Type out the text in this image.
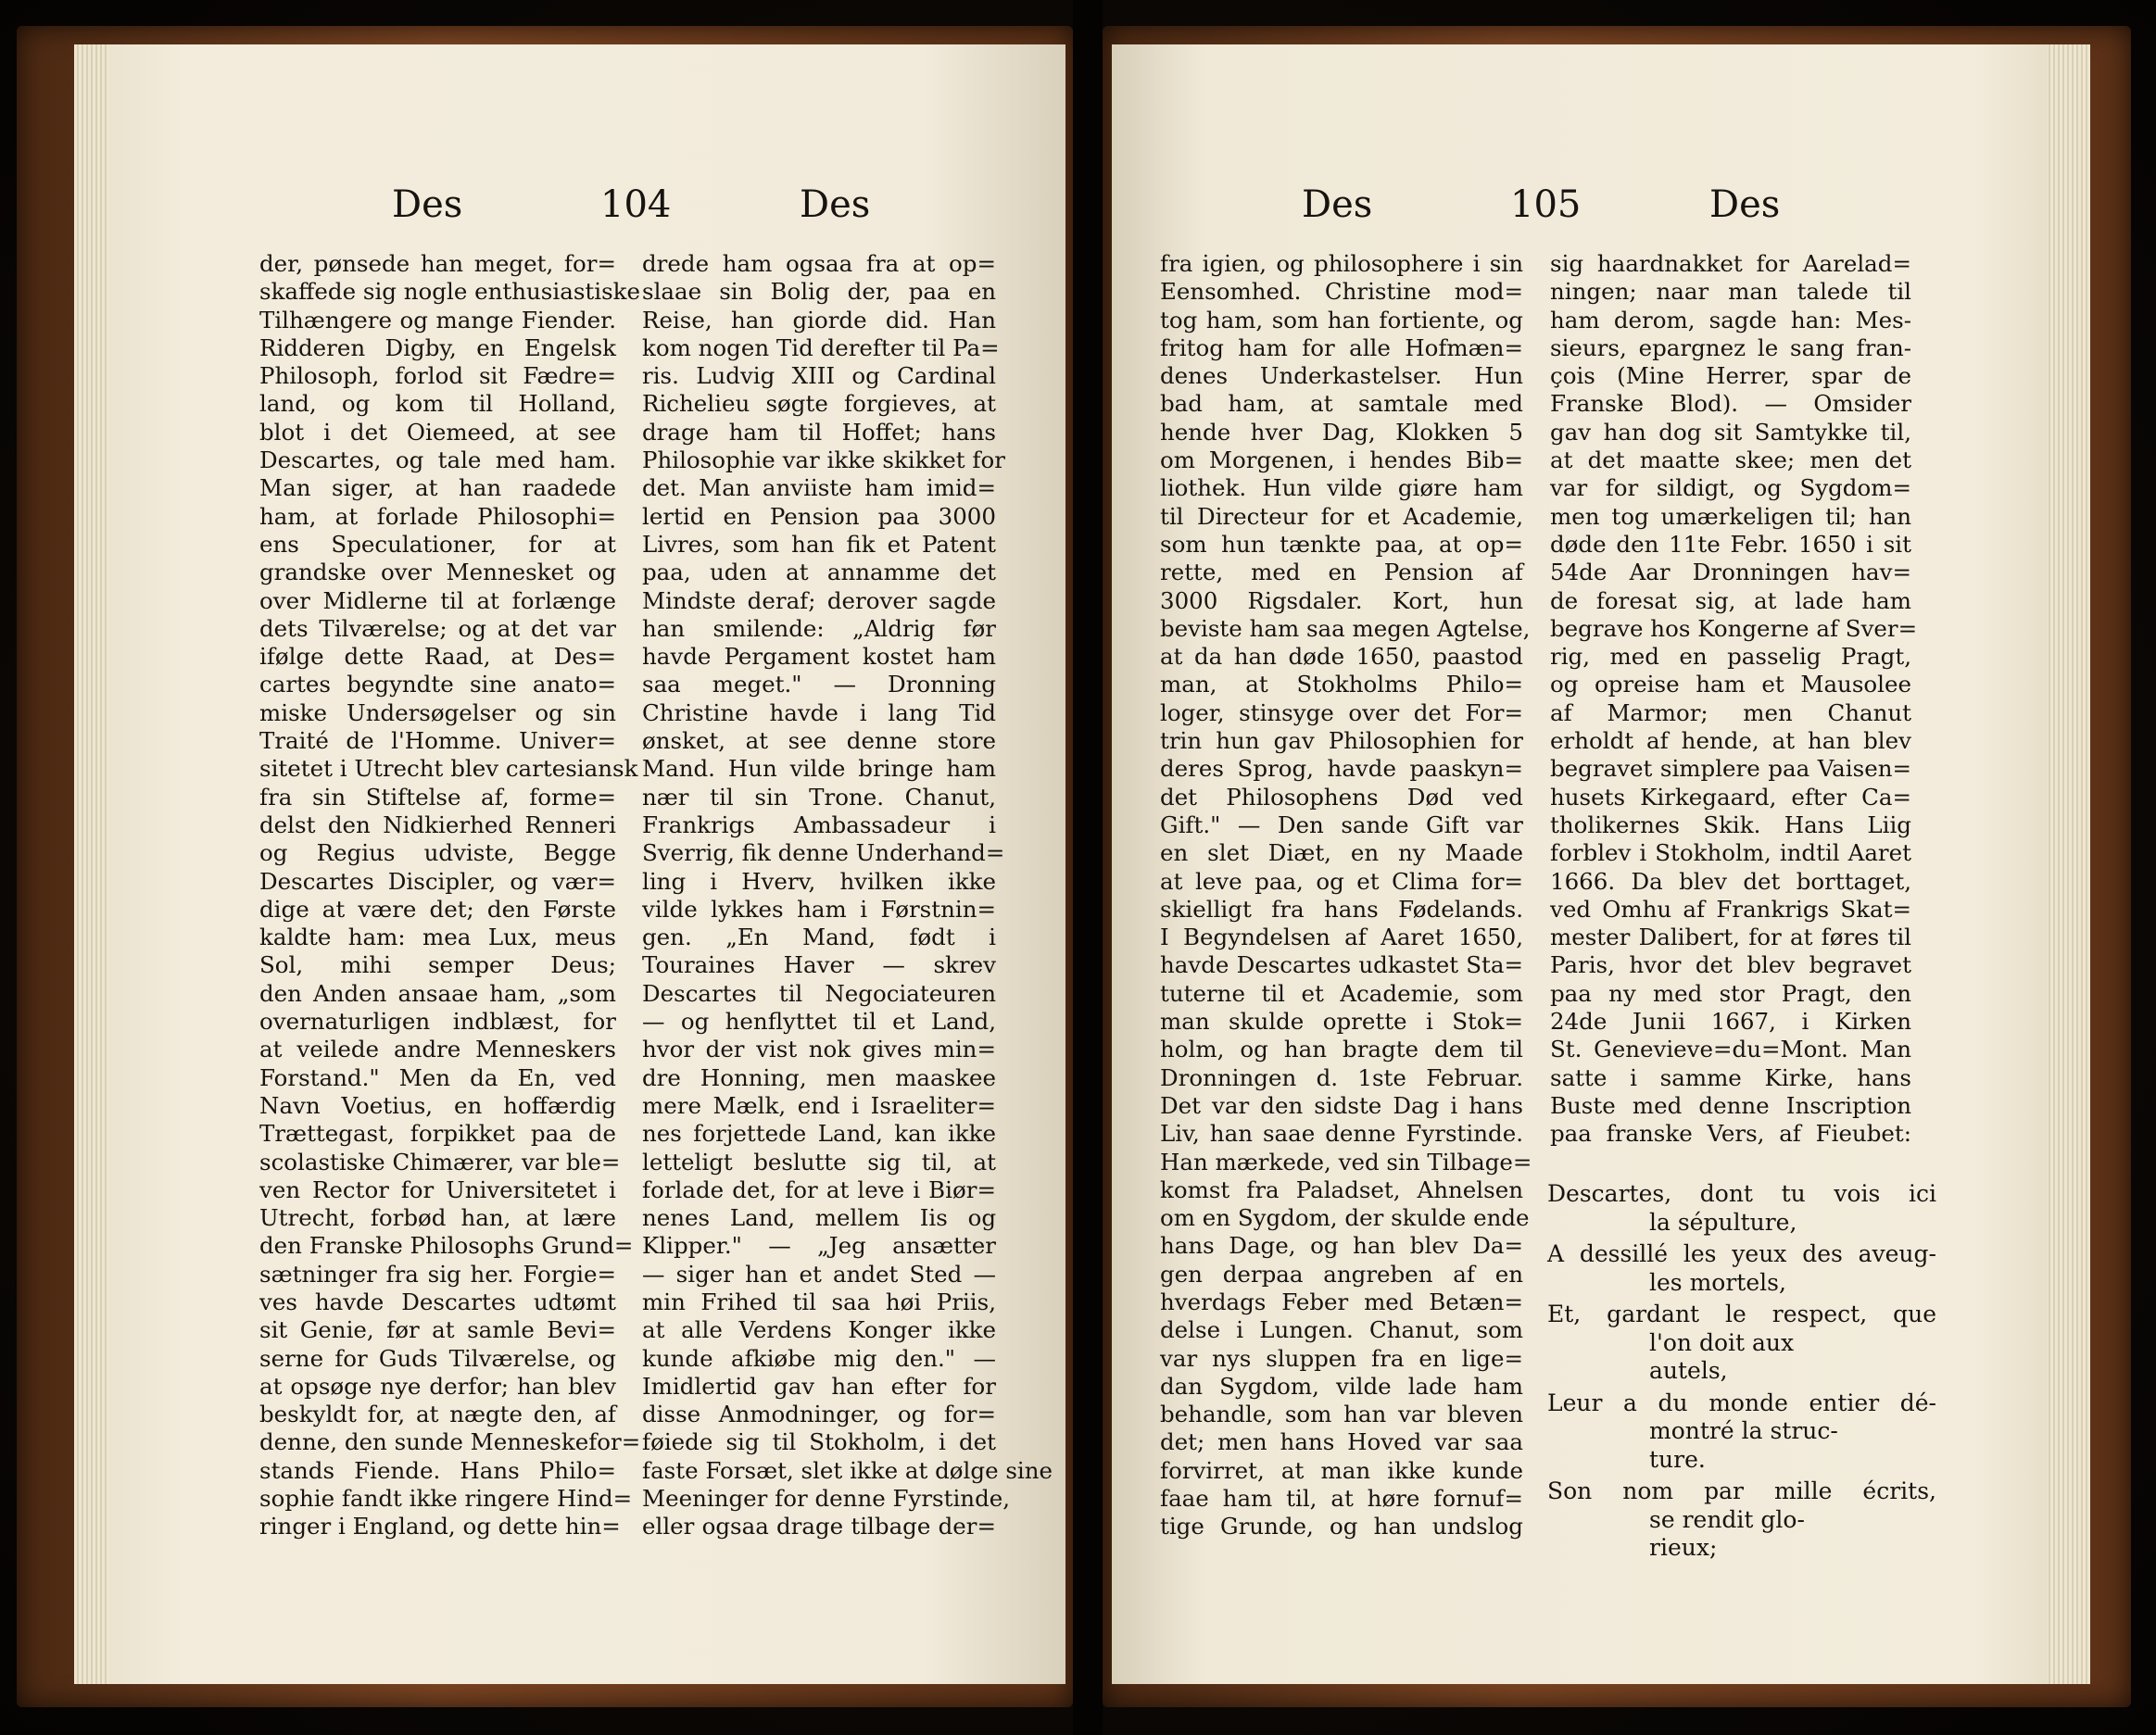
Des	104	Des
der, pønsede han meget, for=
skaffede sig nogle enthusiastiske
Tilhængere og mange Fiender.
Ridderen Digby, en Engelsk
Philosoph, forlod sit Fædre=
land, og kom til Holland,
blot i det Oiemeed, at see
Descartes, og tale med ham.
Man siger, at han raadede
ham, at forlade Philosophi=
ens Speculationer, for at
grandske over Mennesket og
over Midlerne til at forlænge
dets Tilværelse; og at det var
ifølge dette Raad, at Des=
cartes begyndte sine anato=
miske Undersøgelser og sin
Traité de l'Homme. Univer=
sitetet i Utrecht blev cartesiansk
fra sin Stiftelse af, forme=
delst den Nidkierhed Renneri
og Regius udviste, Begge
Descartes Discipler, og vær=
dige at være det; den Første
kaldte ham: mea Lux, meus
Sol, mihi semper Deus;
den Anden ansaae ham, „som
overnaturligen indblæst, for
at veilede andre Menneskers
Forstand." Men da En, ved
Navn Voetius, en hoffærdig
Trættegast, forpikket paa de
scolastiske Chimærer, var ble=
ven Rector for Universitetet i
Utrecht, forbød han, at lære
den Franske Philosophs Grund=
sætninger fra sig her. Forgie=
ves havde Descartes udtømt
sit Genie, før at samle Bevi=
serne for Guds Tilværelse, og
at opsøge nye derfor; han blev
beskyldt for, at nægte den, af
denne, den sunde Menneskefor=
stands Fiende. Hans Philo=
sophie fandt ikke ringere Hind=
ringer i England, og dette hin=
drede ham ogsaa fra at op=
slaae sin Bolig der, paa en
Reise, han giorde did. Han
kom nogen Tid derefter til Pa=
ris. Ludvig XIII og Cardinal
Richelieu søgte forgieves, at
drage ham til Hoffet; hans
Philosophie var ikke skikket for
det. Man anviiste ham imid=
lertid en Pension paa 3000
Livres, som han fik et Patent
paa, uden at annamme det
Mindste deraf; derover sagde
han smilende: „Aldrig før
havde Pergament kostet ham
saa meget." — Dronning
Christine havde i lang Tid
ønsket, at see denne store
Mand. Hun vilde bringe ham
nær til sin Trone. Chanut,
Frankrigs Ambassadeur i
Sverrig, fik denne Underhand=
ling i Hverv, hvilken ikke
vilde lykkes ham i Førstnin=
gen. „En Mand, født i
Touraines Haver — skrev
Descartes til Negociateuren
— og henflyttet til et Land,
hvor der vist nok gives min=
dre Honning, men maaskee
mere Mælk, end i Israeliter=
nes forjettede Land, kan ikke
letteligt beslutte sig til, at
forlade det, for at leve i Biør=
nenes Land, mellem Iis og
Klipper." — „Jeg ansætter
— siger han et andet Sted —
min Frihed til saa høi Priis,
at alle Verdens Konger ikke
kunde afkiøbe mig den." —
Imidlertid gav han efter for
disse Anmodninger, og for=
føiede sig til Stokholm, i det
faste Forsæt, slet ikke at dølge sine
Meeninger for denne Fyrstinde,
eller ogsaa drage tilbage der=
Des	105	Des
fra igien, og philosophere i sin
Eensomhed. Christine mod=
tog ham, som han fortiente, og
fritog ham for alle Hofmæn=
denes Underkastelser. Hun
bad ham, at samtale med
hende hver Dag, Klokken 5
om Morgenen, i hendes Bib=
liothek. Hun vilde giøre ham
til Directeur for et Academie,
som hun tænkte paa, at op=
rette, med en Pension af
3000 Rigsdaler. Kort, hun
beviste ham saa megen Agtelse,
at da han døde 1650, paastod
man, at Stokholms Philo=
loger, stinsyge over det For=
trin hun gav Philosophien for
deres Sprog, havde paaskyn=
det Philosophens Død ved
Gift." — Den sande Gift var
en slet Diæt, en ny Maade
at leve paa, og et Clima for=
skielligt fra hans Fødelands.
I Begyndelsen af Aaret 1650,
havde Descartes udkastet Sta=
tuterne til et Academie, som
man skulde oprette i Stok=
holm, og han bragte dem til
Dronningen d. 1ste Februar.
Det var den sidste Dag i hans
Liv, han saae denne Fyrstinde.
Han mærkede, ved sin Tilbage=
komst fra Paladset, Ahnelsen
om en Sygdom, der skulde ende
hans Dage, og han blev Da=
gen derpaa angreben af en
hverdags Feber med Betæn=
delse i Lungen. Chanut, som
var nys sluppen fra en lige=
dan Sygdom, vilde lade ham
behandle, som han var bleven
det; men hans Hoved var saa
forvirret, at man ikke kunde
faae ham til, at høre fornuf=
tige Grunde, og han undslog
sig haardnakket for Aarelad=
ningen; naar man talede til
ham derom, sagde han: Mes-
sieurs, epargnez le sang fran-
çois (Mine Herrer, spar de
Franske Blod). — Omsider
gav han dog sit Samtykke til,
at det maatte skee; men det
var for sildigt, og Sygdom=
men tog umærkeligen til; han
døde den 11te Febr. 1650 i sit
54de Aar Dronningen hav=
de foresat sig, at lade ham
begrave hos Kongerne af Sver=
rig, med en passelig Pragt,
og opreise ham et Mausolee
af Marmor; men Chanut
erholdt af hende, at han blev
begravet simplere paa Vaisen=
husets Kirkegaard, efter Ca=
tholikernes Skik. Hans Liig
forblev i Stokholm, indtil Aaret
1666. Da blev det borttaget,
ved Omhu af Frankrigs Skat=
mester Dalibert, for at føres til
Paris, hvor det blev begravet
paa ny med stor Pragt, den
24de Junii 1667, i Kirken
St. Genevieve=du=Mont. Man
satte i samme Kirke, hans
Buste med denne Inscription
paa franske Vers, af Fieubet:
Descartes, dont tu vois ici
la sépulture,
A dessillé les yeux des aveug-
les mortels,
Et, gardant le respect, que
l'on doit aux
autels,
Leur a du monde entier dé-
montré la struc-
ture.
Son nom par mille écrits,
se rendit glo-
rieux;
